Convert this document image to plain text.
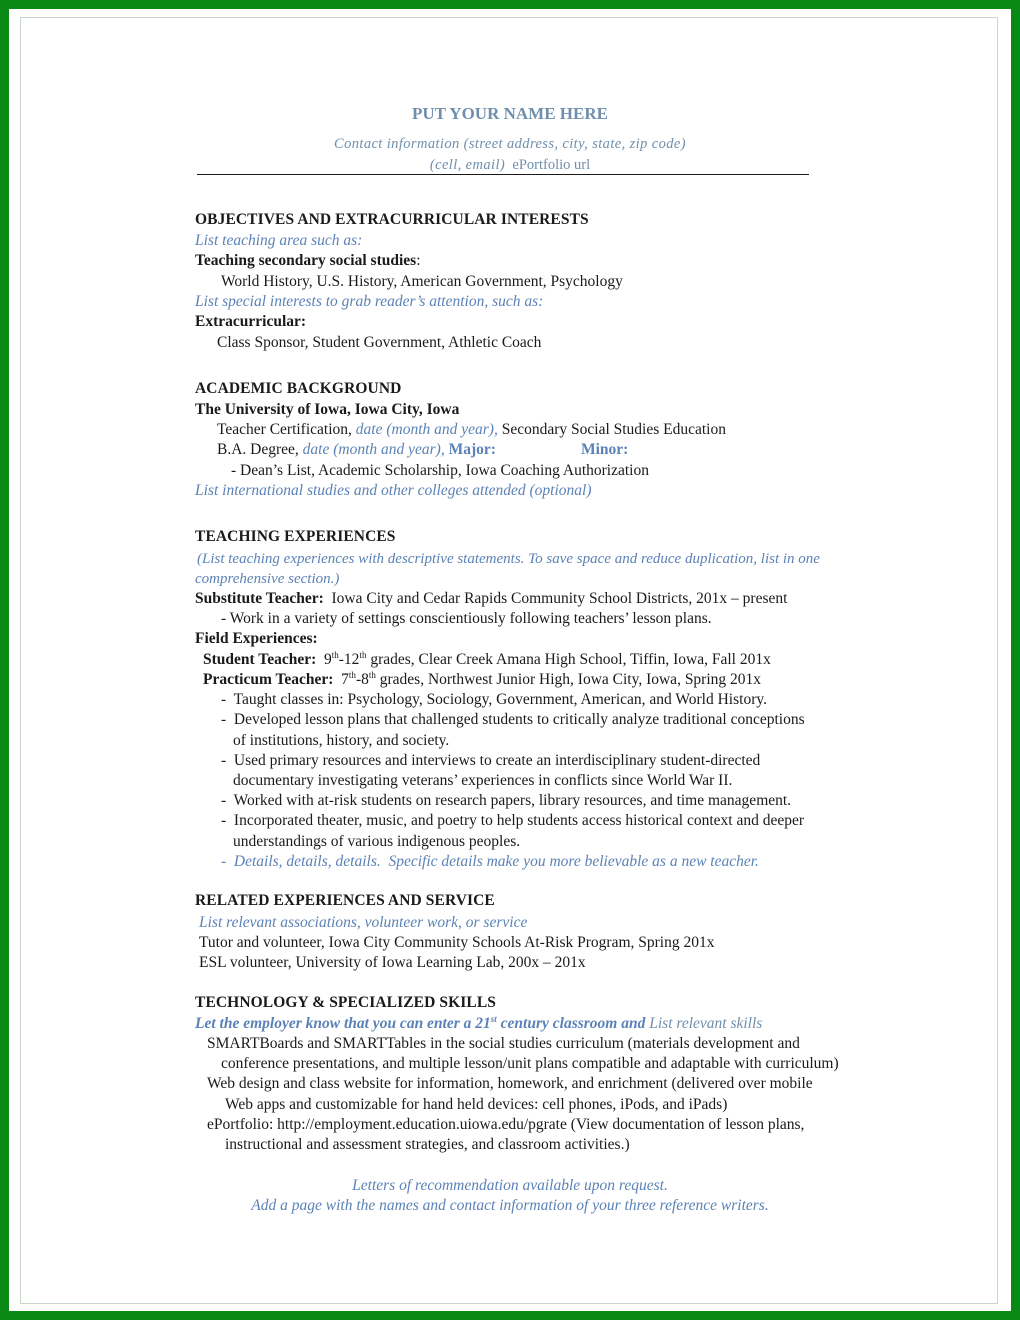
PUT YOUR NAME HERE
Contact information (street address, city, state, zip code)
(cell, email) ePortfolio url
OBJECTIVES AND EXTRACURRICULAR INTERESTS
List teaching area such as:
Teaching secondary social studies:
World History, U.S. History, American Government, Psychology
List special interests to grab reader’s attention, such as:
Extracurricular:
Class Sponsor, Student Government, Athletic Coach
ACADEMIC BACKGROUND
The University of Iowa, Iowa City, Iowa
Teacher Certification, date (month and year), Secondary Social Studies Education
B.A. Degree, date (month and year), Major:	Minor:
- Dean’s List, Academic Scholarship, Iowa Coaching Authorization
List international studies and other colleges attended (optional)
TEACHING EXPERIENCES
(List teaching experiences with descriptive statements. To save space and reduce duplication, list in one
comprehensive section.)
Substitute Teacher:  Iowa City and Cedar Rapids Community School Districts, 201x – present
- Work in a variety of settings conscientiously following teachers’ lesson plans.
Field Experiences:
Student Teacher: 9th-12th grades, Clear Creek Amana High School, Tiffin, Iowa, Fall 201x
Practicum Teacher: 7th-8th grades, Northwest Junior High, Iowa City, Iowa, Spring 201x
-  Taught classes in: Psychology, Sociology, Government, American, and World History.
-  Developed lesson plans that challenged students to critically analyze traditional conceptions
of institutions, history, and society.
-  Used primary resources and interviews to create an interdisciplinary student-directed
documentary investigating veterans’ experiences in conflicts since World War II.
-  Worked with at-risk students on research papers, library resources, and time management.
-  Incorporated theater, music, and poetry to help students access historical context and deeper
understandings of various indigenous peoples.
-  Details, details, details.  Specific details make you more believable as a new teacher.
RELATED EXPERIENCES AND SERVICE
List relevant associations, volunteer work, or service
Tutor and volunteer, Iowa City Community Schools At-Risk Program, Spring 201x
ESL volunteer, University of Iowa Learning Lab, 200x – 201x
TECHNOLOGY & SPECIALIZED SKILLS
Let the employer know that you can enter a 21st century classroom and List relevant skills
SMARTBoards and SMARTTables in the social studies curriculum (materials development and
conference presentations, and multiple lesson/unit plans compatible and adaptable with curriculum)
Web design and class website for information, homework, and enrichment (delivered over mobile
Web apps and customizable for hand held devices: cell phones, iPods, and iPads)
ePortfolio: http://employment.education.uiowa.edu/pgrate (View documentation of lesson plans,
instructional and assessment strategies, and classroom activities.)
Letters of recommendation available upon request.
Add a page with the names and contact information of your three reference writers.
